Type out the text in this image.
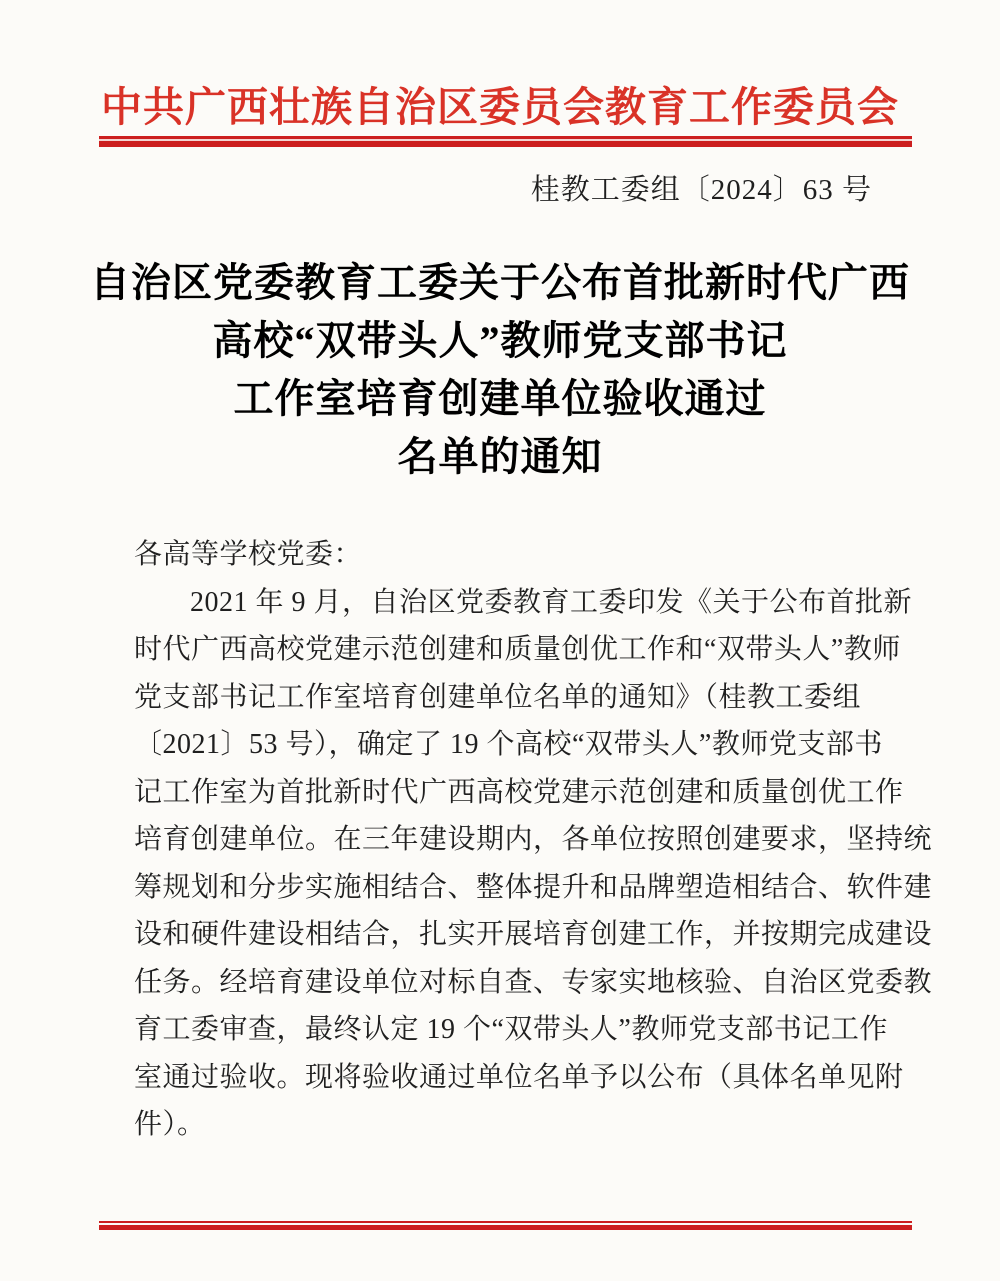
中共广西壮族自治区委员会教育工作委员会
桂教工委组〔2024〕63 号
自治区党委教育工委关于公布首批新时代广西
高校“双带头人”教师党支部书记
工作室培育创建单位验收通过
名单的通知
各高等学校党委：
2021 年 9 月，自治区党委教育工委印发《关于公布首批新
时代广西高校党建示范创建和质量创优工作和“双带头人”教师
党支部书记工作室培育创建单位名单的通知》（桂教工委组
〔2021〕53 号），确定了 19 个高校“双带头人”教师党支部书
记工作室为首批新时代广西高校党建示范创建和质量创优工作
培育创建单位。在三年建设期内，各单位按照创建要求，坚持统
筹规划和分步实施相结合、整体提升和品牌塑造相结合、软件建
设和硬件建设相结合，扎实开展培育创建工作，并按期完成建设
任务。经培育建设单位对标自查、专家实地核验、自治区党委教
育工委审查，最终认定 19 个“双带头人”教师党支部书记工作
室通过验收。现将验收通过单位名单予以公布（具体名单见附
件）。
